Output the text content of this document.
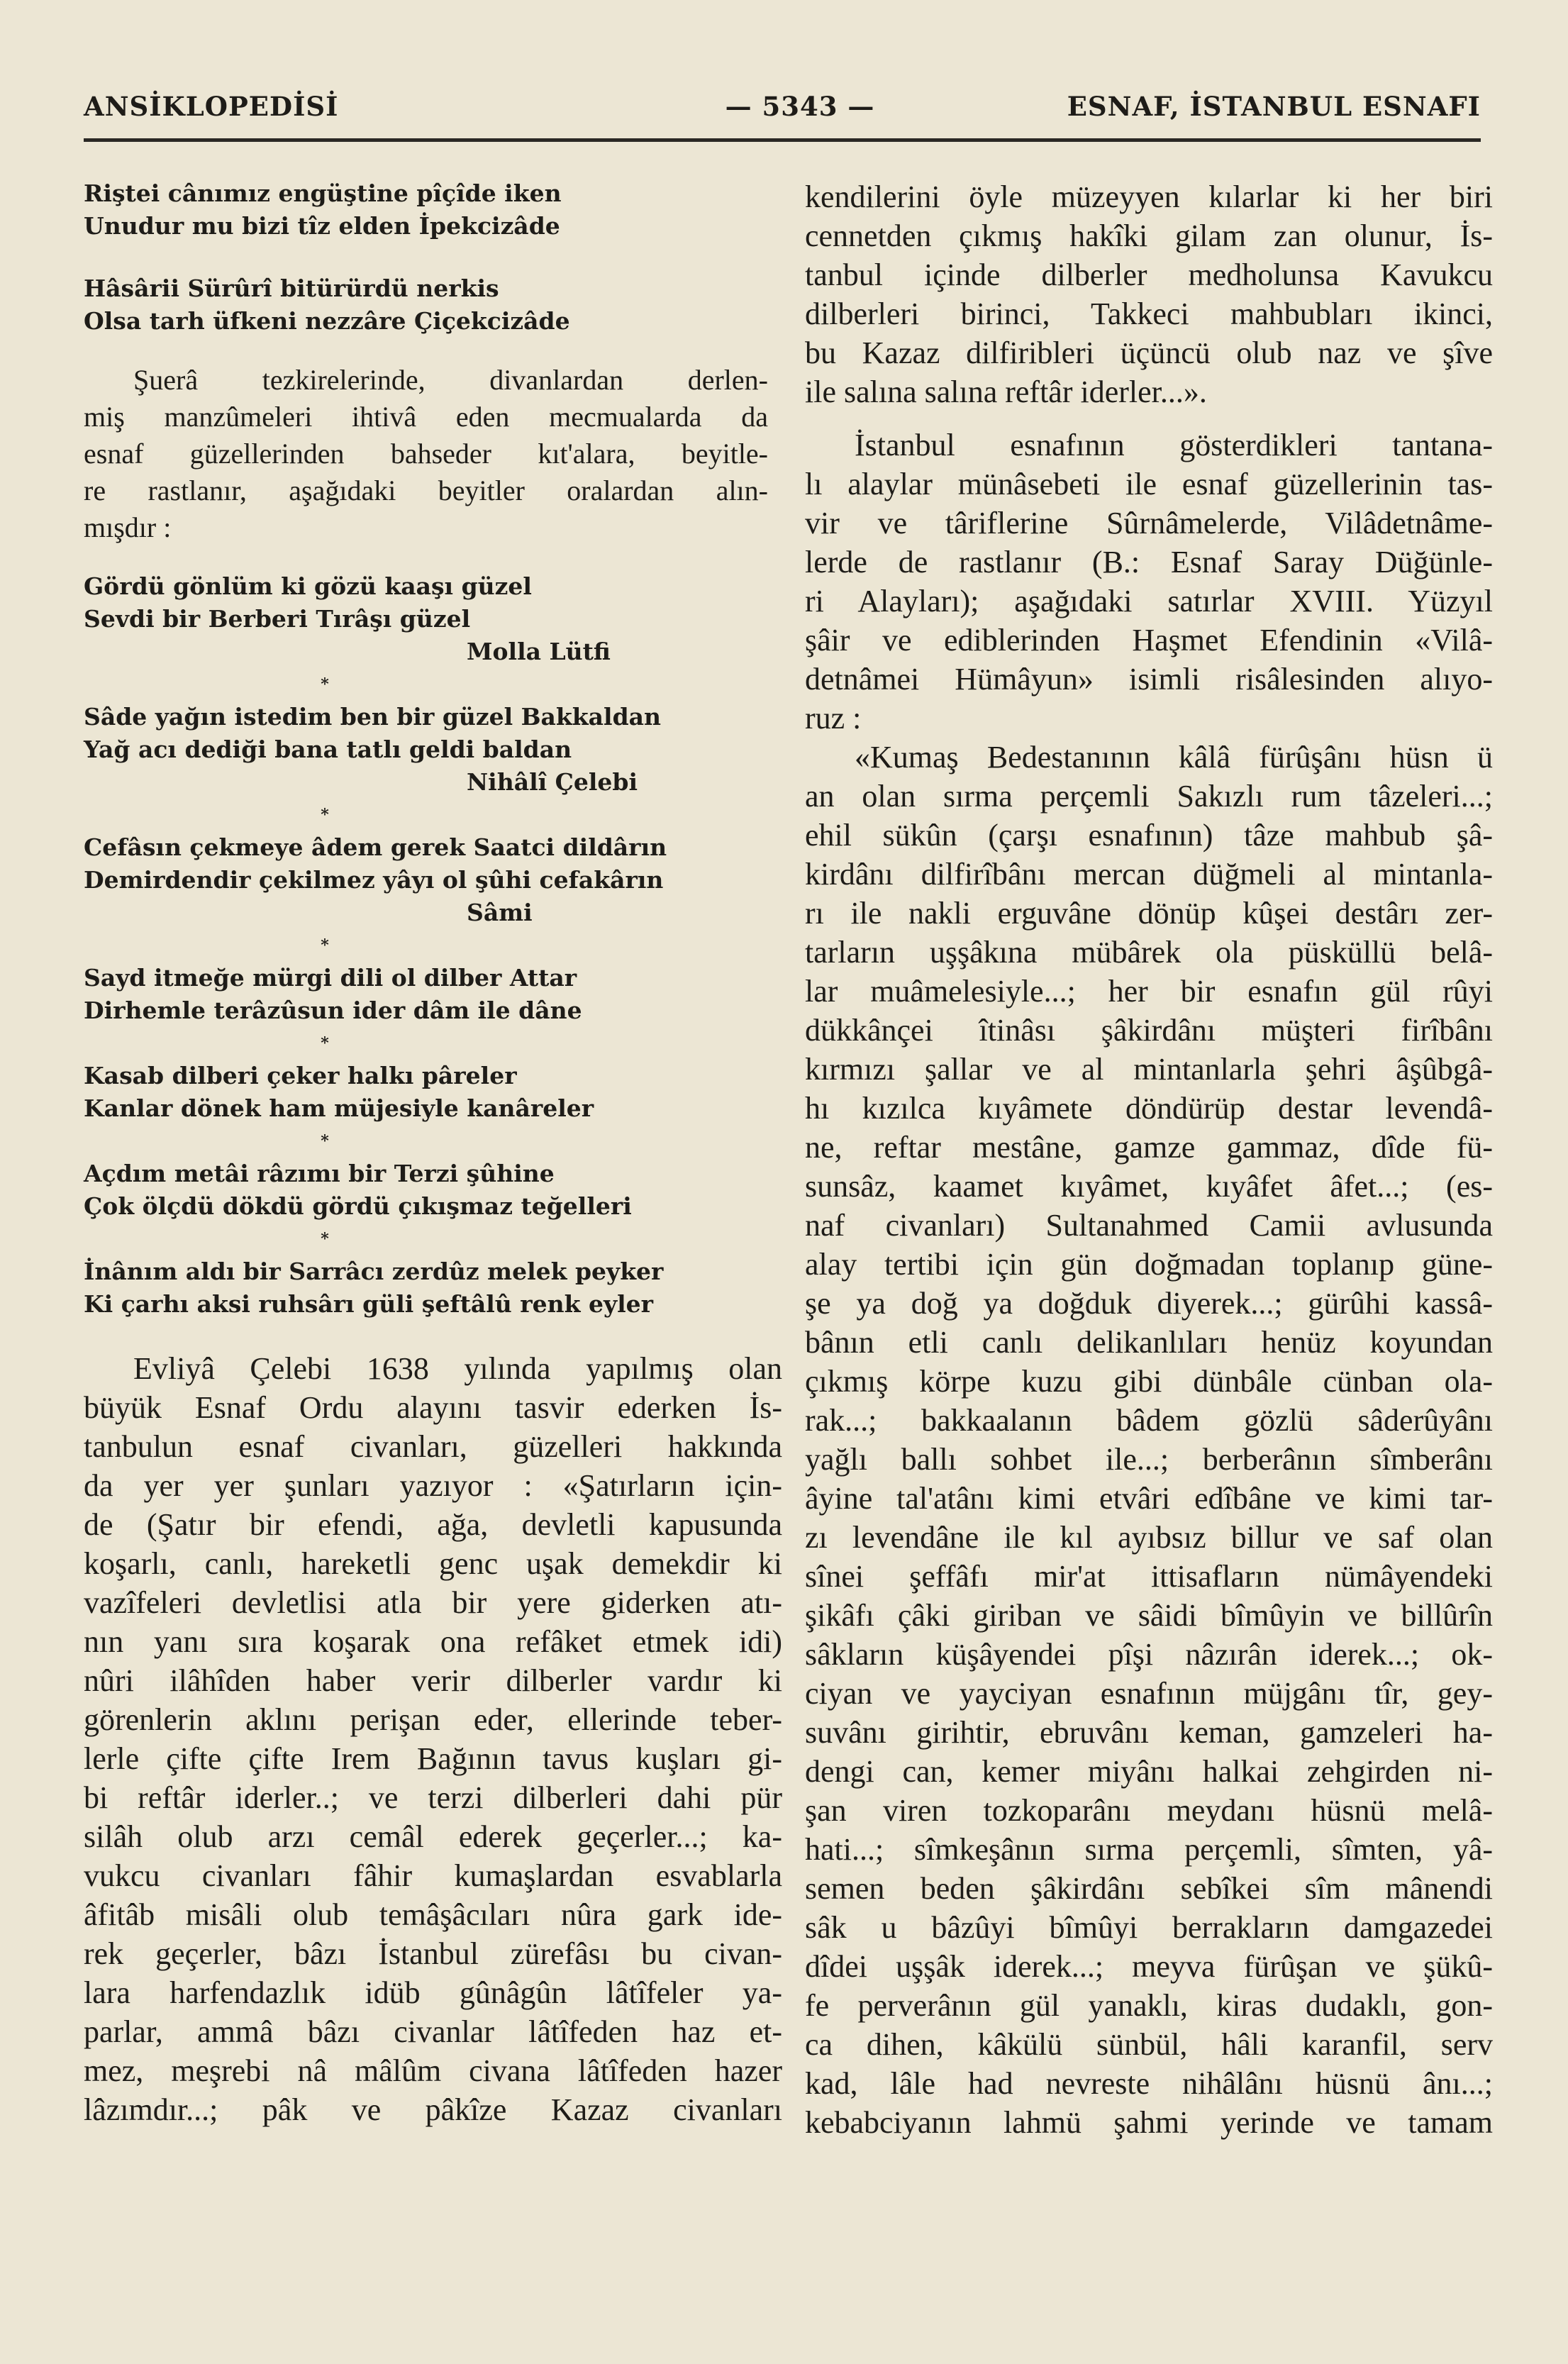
ANSİKLOPEDİSİ	— 5343 —	ESNAF, İSTANBUL ESNAFI
Riştei cânımız engüştine pîçîde iken
Unudur mu bizi tîz elden İpekcizâde
Hâsârii Sürûrî bitürürdü nerkis
Olsa tarh üfkeni nezzâre Çiçekcizâde
Şuerâ tezkirelerinde, divanlardan derlen-
miş manzûmeleri ihtivâ eden mecmualarda da
esnaf güzellerinden bahseder kıt'alara, beyitle-
re rastlanır, aşağıdaki beyitler oralardan alın-
mışdır :
Gördü gönlüm ki gözü kaaşı güzel
Sevdi bir Berberi Tırâşı güzel
Molla Lütfi
*
Sâde yağın istedim ben bir güzel Bakkaldan
Yağ acı dediği bana tatlı geldi baldan
Nihâlî Çelebi
*
Cefâsın çekmeye âdem gerek Saatci dildârın
Demirdendir çekilmez yâyı ol şûhi cefakârın
Sâmi
*
Sayd itmeğe mürgi dili ol dilber Attar
Dirhemle terâzûsun ider dâm ile dâne
*
Kasab dilberi çeker halkı pâreler
Kanlar dönek ham müjesiyle kanâreler
*
Açdım metâi râzımı bir Terzi şûhine
Çok ölçdü dökdü gördü çıkışmaz teğelleri
*
İnânım aldı bir Sarrâcı zerdûz melek peyker
Ki çarhı aksi ruhsârı güli şeftâlû renk eyler
Evliyâ Çelebi 1638 yılında yapılmış olan
büyük Esnaf Ordu alayını tasvir ederken İs-
tanbulun esnaf civanları, güzelleri hakkında
da yer yer şunları yazıyor : «Şatırların için-
de (Şatır bir efendi, ağa, devletli kapusunda
koşarlı, canlı, hareketli genc uşak demekdir ki
vazîfeleri devletlisi atla bir yere giderken atı-
nın yanı sıra koşarak ona refâket etmek idi)
nûri ilâhîden haber verir dilberler vardır ki
görenlerin aklını perişan eder, ellerinde teber-
lerle çifte çifte Irem Bağının tavus kuşları gi-
bi reftâr iderler..; ve terzi dilberleri dahi pür
silâh olub arzı cemâl ederek geçerler...; ka-
vukcu civanları fâhir kumaşlardan esvablarla
âfitâb misâli olub temâşâcıları nûra gark ide-
rek geçerler, bâzı İstanbul zürefâsı bu civan-
lara harfendazlık idüb gûnâgûn lâtîfeler ya-
parlar, ammâ bâzı civanlar lâtîfeden haz et-
mez, meşrebi nâ mâlûm civana lâtîfeden hazer
lâzımdır...; pâk ve pâkîze Kazaz civanları
kendilerini öyle müzeyyen kılarlar ki her biri
cennetden çıkmış hakîki gilam zan olunur, İs-
tanbul içinde dilberler medholunsa Kavukcu
dilberleri birinci, Takkeci mahbubları ikinci,
bu Kazaz dilfiribleri üçüncü olub naz ve şîve
ile salına salına reftâr iderler...».
İstanbul esnafının gösterdikleri tantana-
lı alaylar münâsebeti ile esnaf güzellerinin tas-
vir ve târiflerine Sûrnâmelerde, Vilâdetnâme-
lerde de rastlanır (B.: Esnaf Saray Düğünle-
ri Alayları); aşağıdaki satırlar XVIII. Yüzyıl
şâir ve ediblerinden Haşmet Efendinin «Vilâ-
detnâmei Hümâyun» isimli risâlesinden alıyo-
ruz :
«Kumaş Bedestanının kâlâ fürûşânı hüsn ü
an olan sırma perçemli Sakızlı rum tâzeleri...;
ehil sükûn (çarşı esnafının) tâze mahbub şâ-
kirdânı dilfirîbânı mercan düğmeli al mintanla-
rı ile nakli erguvâne dönüp kûşei destârı zer-
tarların uşşâkına mübârek ola püsküllü belâ-
lar muâmelesiyle...; her bir esnafın gül rûyi
dükkânçei îtinâsı şâkirdânı müşteri firîbânı
kırmızı şallar ve al mintanlarla şehri âşûbgâ-
hı kızılca kıyâmete döndürüp destar levendâ-
ne, reftar mestâne, gamze gammaz, dîde fü-
sunsâz, kaamet kıyâmet, kıyâfet âfet...; (es-
naf civanları) Sultanahmed Camii avlusunda
alay tertibi için gün doğmadan toplanıp güne-
şe ya doğ ya doğduk diyerek...; gürûhi kassâ-
bânın etli canlı delikanlıları henüz koyundan
çıkmış körpe kuzu gibi dünbâle cünban ola-
rak...; bakkaalanın bâdem gözlü sâderûyânı
yağlı ballı sohbet ile...; berberânın sîmberânı
âyine tal'atânı kimi etvâri edîbâne ve kimi tar-
zı levendâne ile kıl ayıbsız billur ve saf olan
sînei şeffâfı mir'at ittisafların nümâyendeki
şikâfı çâki giriban ve sâidi bîmûyin ve billûrîn
sâkların küşâyendei pîşi nâzırân iderek...; ok-
ciyan ve yayciyan esnafının müjgânı tîr, gey-
suvânı girihtir, ebruvânı keman, gamzeleri ha-
dengi can, kemer miyânı halkai zehgirden ni-
şan viren tozkoparânı meydanı hüsnü melâ-
hati...; sîmkeşânın sırma perçemli, sîmten, yâ-
semen beden şâkirdânı sebîkei sîm mânendi
sâk u bâzûyi bîmûyi berrakların damgazedei
dîdei uşşâk iderek...; meyva fürûşan ve şükû-
fe perverânın gül yanaklı, kiras dudaklı, gon-
ca dihen, kâkülü sünbül, hâli karanfil, serv
kad, lâle had nevreste nihâlânı hüsnü ânı...;
kebabciyanın lahmü şahmi yerinde ve tamam
